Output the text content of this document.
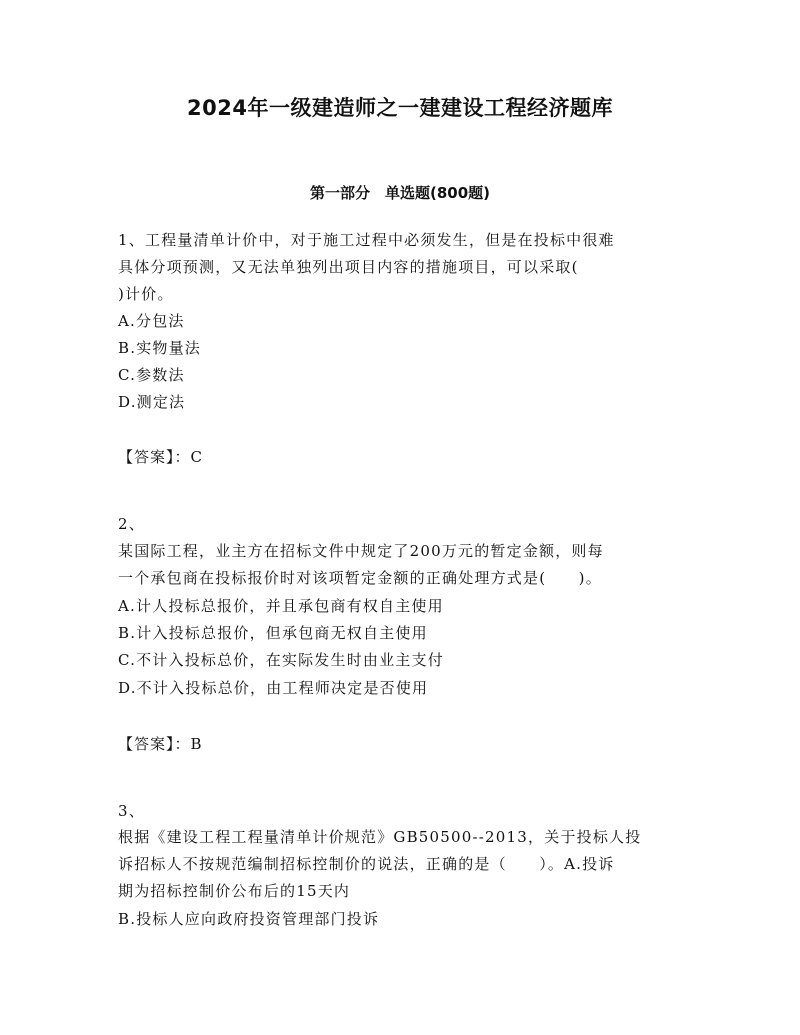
2024年一级建造师之一建建设工程经济题库
第一部分　单选题(800题)
1、工程量清单计价中，对于施工过程中必须发生，但是在投标中很难
具体分项预测，又无法单独列出项目内容的措施项目，可以采取(
)计价。
A.分包法
B.实物量法
C.参数法
D.测定法
【答案】：C
2、
某国际工程，业主方在招标文件中规定了200万元的暂定金额，则每
一个承包商在投标报价时对该项暂定金额的正确处理方式是(　　)。
A.计人投标总报价，并且承包商有权自主使用
B.计入投标总报价，但承包商无权自主使用
C.不计入投标总价，在实际发生时由业主支付
D.不计入投标总价，由工程师决定是否使用
【答案】：B
3、
根据《建设工程工程量清单计价规范》GB50500--2013，关于投标人投
诉招标人不按规范编制招标控制价的说法，正确的是（　　）。A.投诉
期为招标控制价公布后的15天内
B.投标人应向政府投资管理部门投诉
